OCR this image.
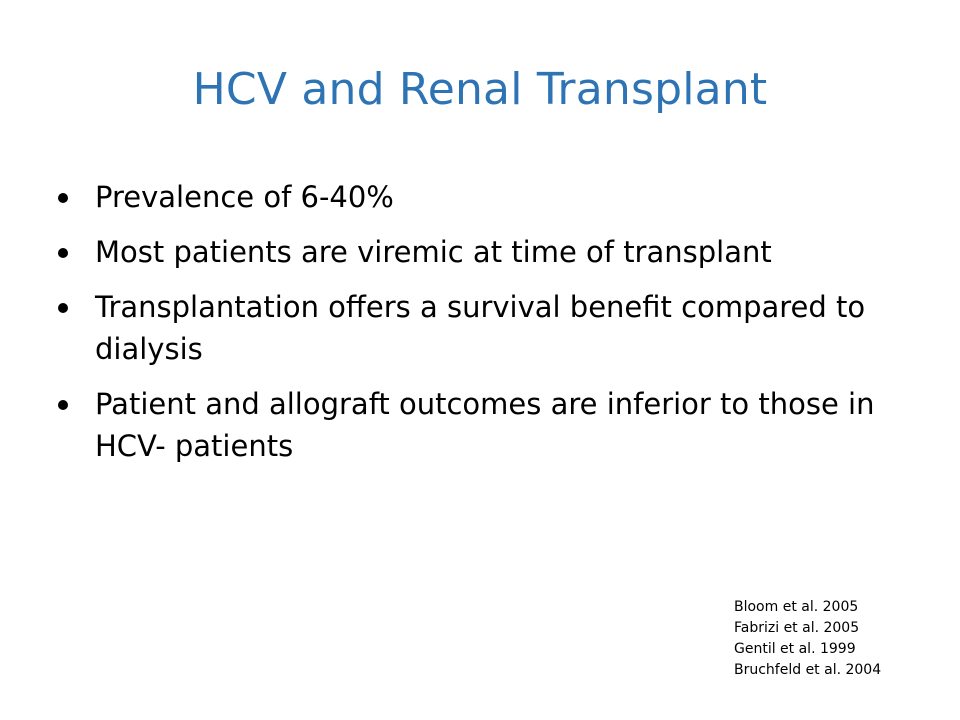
HCV and Renal Transplant
Prevalence of 6-40%
Most patients are viremic at time of transplant
Transplantation offers a survival benefit compared to dialysis
Patient and allograft outcomes are inferior to those in HCV- patients
Bloom et al. 2005
Fabrizi et al. 2005
Gentil et al. 1999
Bruchfeld et al. 2004
